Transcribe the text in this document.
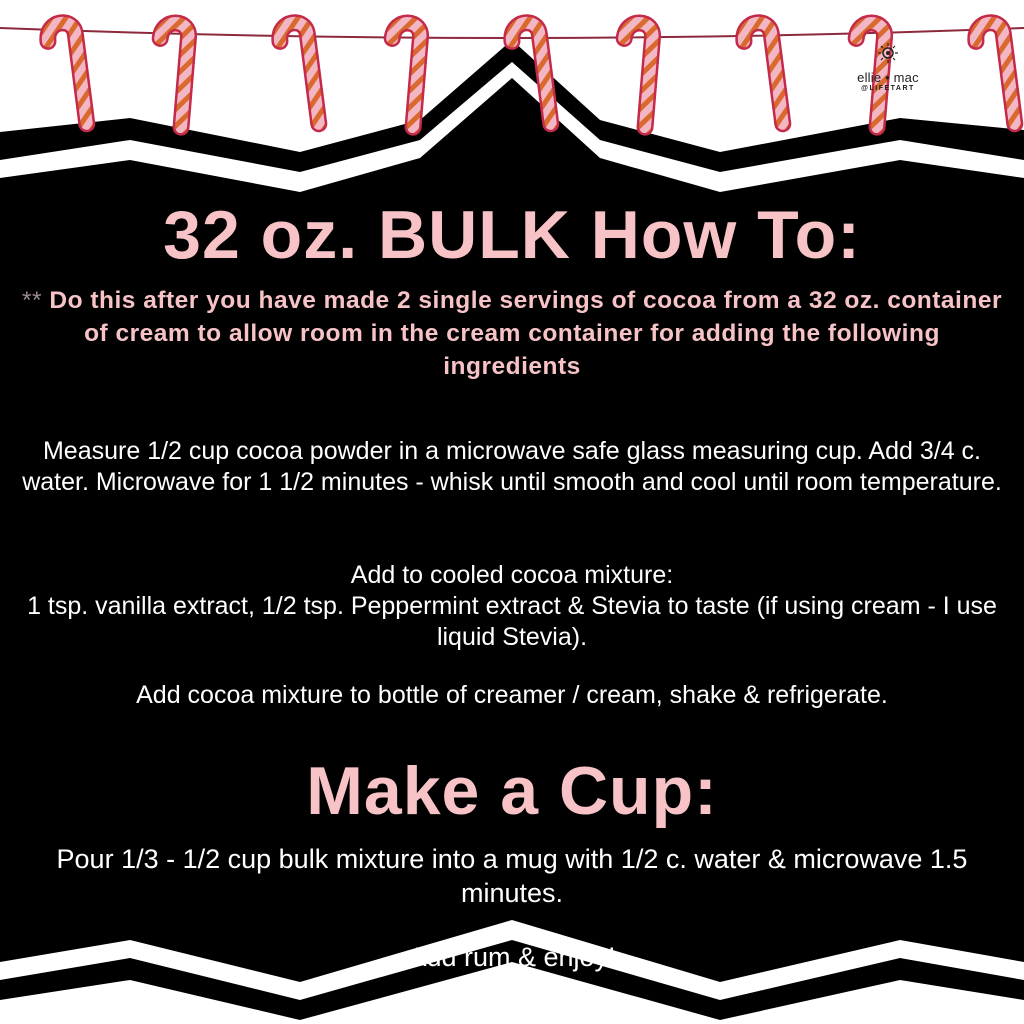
ellie • mac
@LIFETART
32 oz. BULK How To:
** Do this after you have made 2 single servings of cocoa from a 32 oz. container of cream to allow room in the cream container for adding the following ingredients

Measure 1/2 cup cocoa powder in a microwave safe glass measuring cup. Add 3/4 c. water. Microwave for 1 1/2 minutes - whisk until smooth and cool until room temperature.

Add to cooled cocoa mixture:
1 tsp. vanilla extract, 1/2 tsp. Peppermint extract & Stevia to taste (if using cream - I use liquid Stevia).

Add cocoa mixture to bottle of creamer / cream, shake & refrigerate.

Make a Cup:

Pour 1/3 - 1/2 cup bulk mixture into a mug with 1/2 c. water & microwave 1.5 minutes.

Add rum & enjoy!
